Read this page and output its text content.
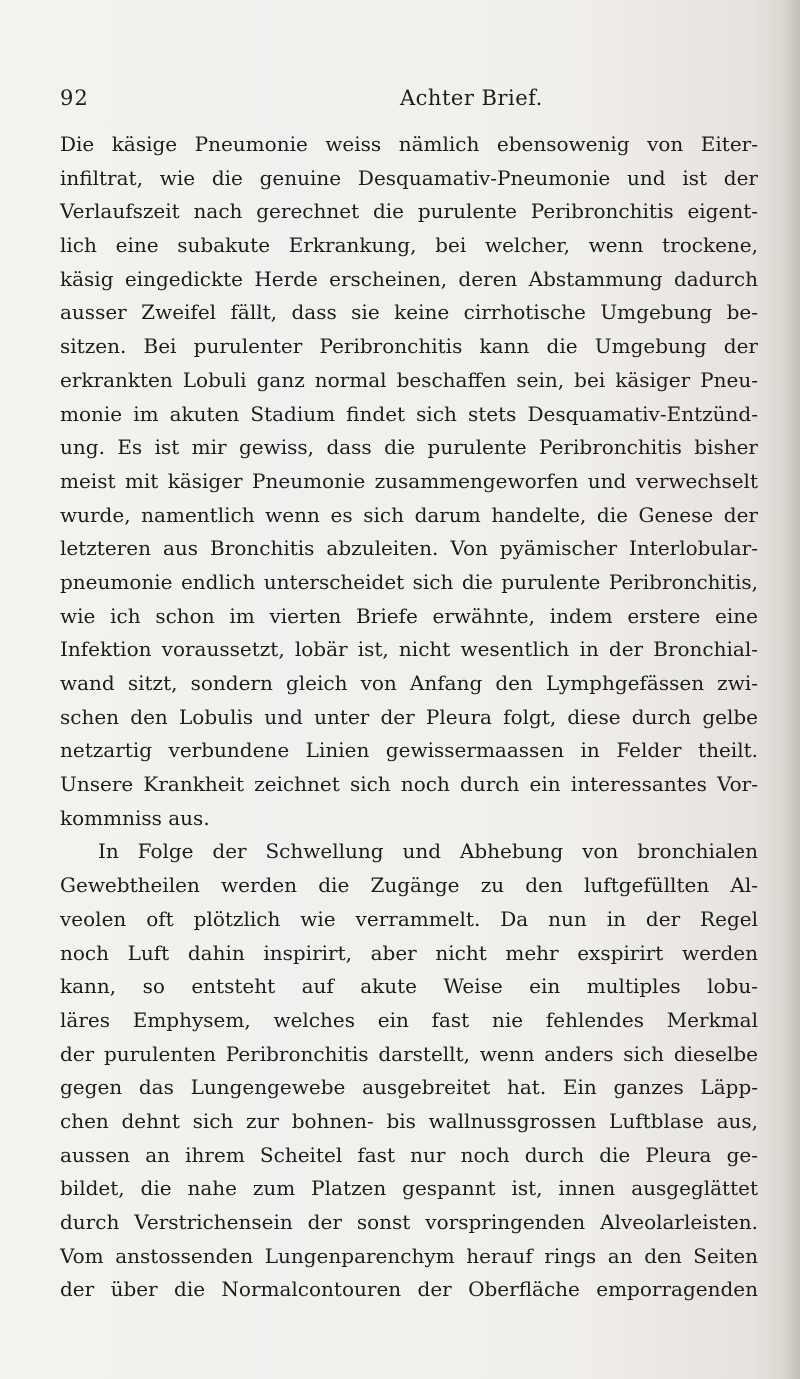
92	Achter Brief.
Die käsige Pneumonie weiss nämlich ebensowenig von Eiter-
infiltrat, wie die genuine Desquamativ-Pneumonie und ist der
Verlaufszeit nach gerechnet die purulente Peribronchitis eigent-
lich eine subakute Erkrankung, bei welcher, wenn trockene,
käsig eingedickte Herde erscheinen, deren Abstammung dadurch
ausser Zweifel fällt, dass sie keine cirrhotische Umgebung be-
sitzen. Bei purulenter Peribronchitis kann die Umgebung der
erkrankten Lobuli ganz normal beschaffen sein, bei käsiger Pneu-
monie im akuten Stadium findet sich stets Desquamativ-Entzünd-
ung. Es ist mir gewiss, dass die purulente Peribronchitis bisher
meist mit käsiger Pneumonie zusammengeworfen und verwechselt
wurde, namentlich wenn es sich darum handelte, die Genese der
letzteren aus Bronchitis abzuleiten. Von pyämischer Interlobular-
pneumonie endlich unterscheidet sich die purulente Peribronchitis,
wie ich schon im vierten Briefe erwähnte, indem erstere eine
Infektion voraussetzt, lobär ist, nicht wesentlich in der Bronchial-
wand sitzt, sondern gleich von Anfang den Lymphgefässen zwi-
schen den Lobulis und unter der Pleura folgt, diese durch gelbe
netzartig verbundene Linien gewissermaassen in Felder theilt.
Unsere Krankheit zeichnet sich noch durch ein interessantes Vor-
kommniss aus.
In Folge der Schwellung und Abhebung von bronchialen
Gewebtheilen werden die Zugänge zu den luftgefüllten Al-
veolen oft plötzlich wie verrammelt. Da nun in der Regel
noch Luft dahin inspirirt, aber nicht mehr exspirirt werden
kann, so entsteht auf akute Weise ein multiples lobu-
läres Emphysem, welches ein fast nie fehlendes Merkmal
der purulenten Peribronchitis darstellt, wenn anders sich dieselbe
gegen das Lungengewebe ausgebreitet hat. Ein ganzes Läpp-
chen dehnt sich zur bohnen- bis wallnussgrossen Luftblase aus,
aussen an ihrem Scheitel fast nur noch durch die Pleura ge-
bildet, die nahe zum Platzen gespannt ist, innen ausgeglättet
durch Verstrichensein der sonst vorspringenden Alveolarleisten.
Vom anstossenden Lungenparenchym herauf rings an den Seiten
der über die Normalcontouren der Oberfläche emporragenden
